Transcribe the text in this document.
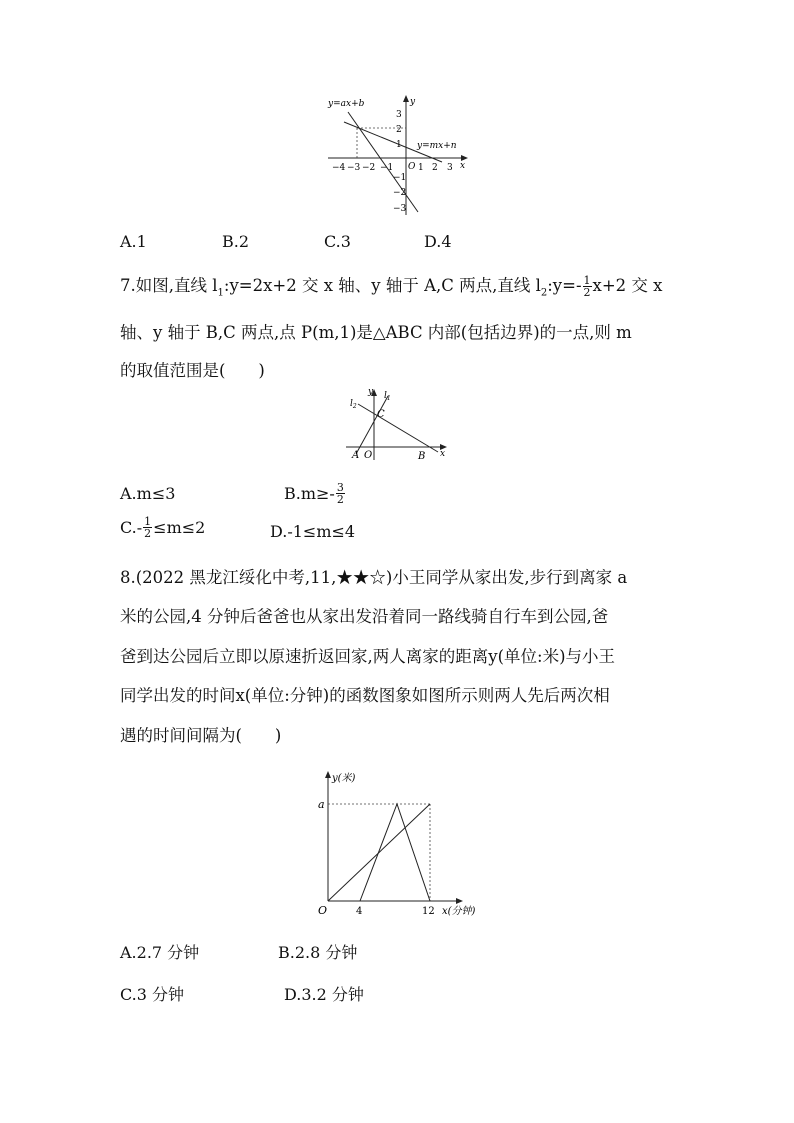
y=ax+b
y=mx+n
y
x
O
−4 −3 −2 −1	1 2 3
3
2
1
−1
−2
−3
A.1	B.2	C.3	D.4
7.如图,直线 $l_1:y=2x+2$ 交 x 轴、y 轴于 A,C 两点,直线 $l_2:y=- \frac{1}{2} x+2$ 交 x
轴、y 轴于 B,C 两点,点 P(m,1)是△ABC 内部(包括边界)的一点,则 m
的取值范围是(　　)
y
x
$l_1$
$l_2$
C
A O	B
A.m≤3	$B.m\ge- \frac{3}{2}$
$C.- \frac{1}{2} \le m\le 2$	D.-1≤m≤4
8.(2022 黑龙江绥化中考,11,★★☆)小王同学从家出发,步行到离家 a
米的公园,4 分钟后爸爸也从家出发沿着同一路线骑自行车到公园,爸
爸到达公园后立即以原速折返回家,两人离家的距离y(单位:米)与小王
同学出发的时间x(单位:分钟)的函数图象如图所示则两人先后两次相
遇的时间间隔为(　　)
y(米)
a
O	4	12 x(分钟)
A.2.7 分钟	B.2.8 分钟
C.3 分钟	D.3.2 分钟
